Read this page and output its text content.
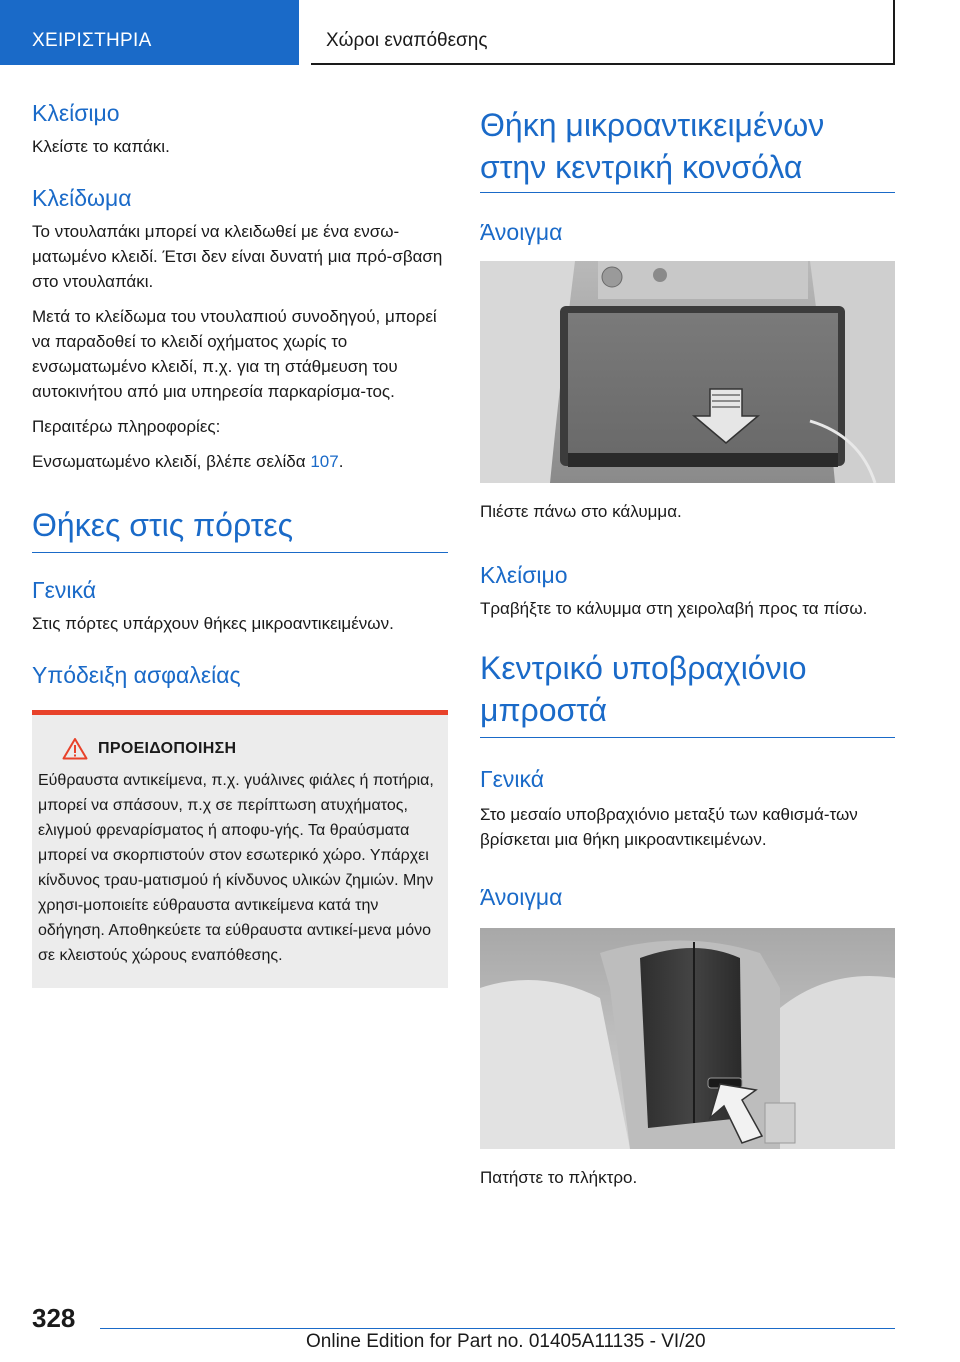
ΧΕΙΡΙΣΤΗΡΙΑ	Χώροι εναπόθεσης
Κλείσιμο

Κλείστε το καπάκι.

Κλείδωμα

Το ντουλαπάκι μπορεί να κλειδωθεί με ένα ενσω-ματωμένο κλειδί. Έτσι δεν είναι δυνατή μια πρό-σβαση στο ντουλαπάκι.

Μετά το κλείδωμα του ντουλαπιού συνοδηγού, μπορεί να παραδοθεί το κλειδί οχήματος χωρίς το ενσωματωμένο κλειδί, π.χ. για τη στάθμευση του αυτοκινήτου από μια υπηρεσία παρκαρίσμα-τος.

Περαιτέρω πληροφορίες:

Ενσωματωμένο κλειδί, βλέπε σελίδα 107.

Θήκες στις πόρτες
Γενικά

Στις πόρτες υπάρχουν θήκες μικροαντικειμένων.

Υπόδειξη ασφαλείας
ΠΡΟΕΙΔΟΠΟΙΗΣΗ
Εύθραυστα αντικείμενα, π.χ. γυάλινες φιάλες ή ποτήρια, μπορεί να σπάσουν, π.χ σε περίπτωση ατυχήματος, ελιγμού φρεναρίσματος ή αποφυ-γής. Τα θραύσματα μπορεί να σκορπιστούν στον εσωτερικό χώρο. Υπάρχει κίνδυνος τραυ-ματισμού ή κίνδυνος υλικών ζημιών. Μην χρησι-μοποιείτε εύθραυστα αντικείμενα κατά την οδήγηση. Αποθηκεύετε τα εύθραυστα αντικεί-μενα μόνο σε κλειστούς χώρους εναπόθεσης.
Θήκη μικροαντικειμένων στην κεντρική κονσόλα
Άνοιγμα

Πιέστε πάνω στο κάλυμμα.

Κλείσιμο

Τραβήξτε το κάλυμμα στη χειρολαβή προς τα πίσω.

Κεντρικό υποβραχιόνιο μπροστά
Γενικά

Στο μεσαίο υποβραχιόνιο μεταξύ των καθισμά-των βρίσκεται μια θήκη μικροαντικειμένων.

Άνοιγμα

Πατήστε το πλήκτρο.

328
Online Edition for Part no. 01405A11135 - VI/20
